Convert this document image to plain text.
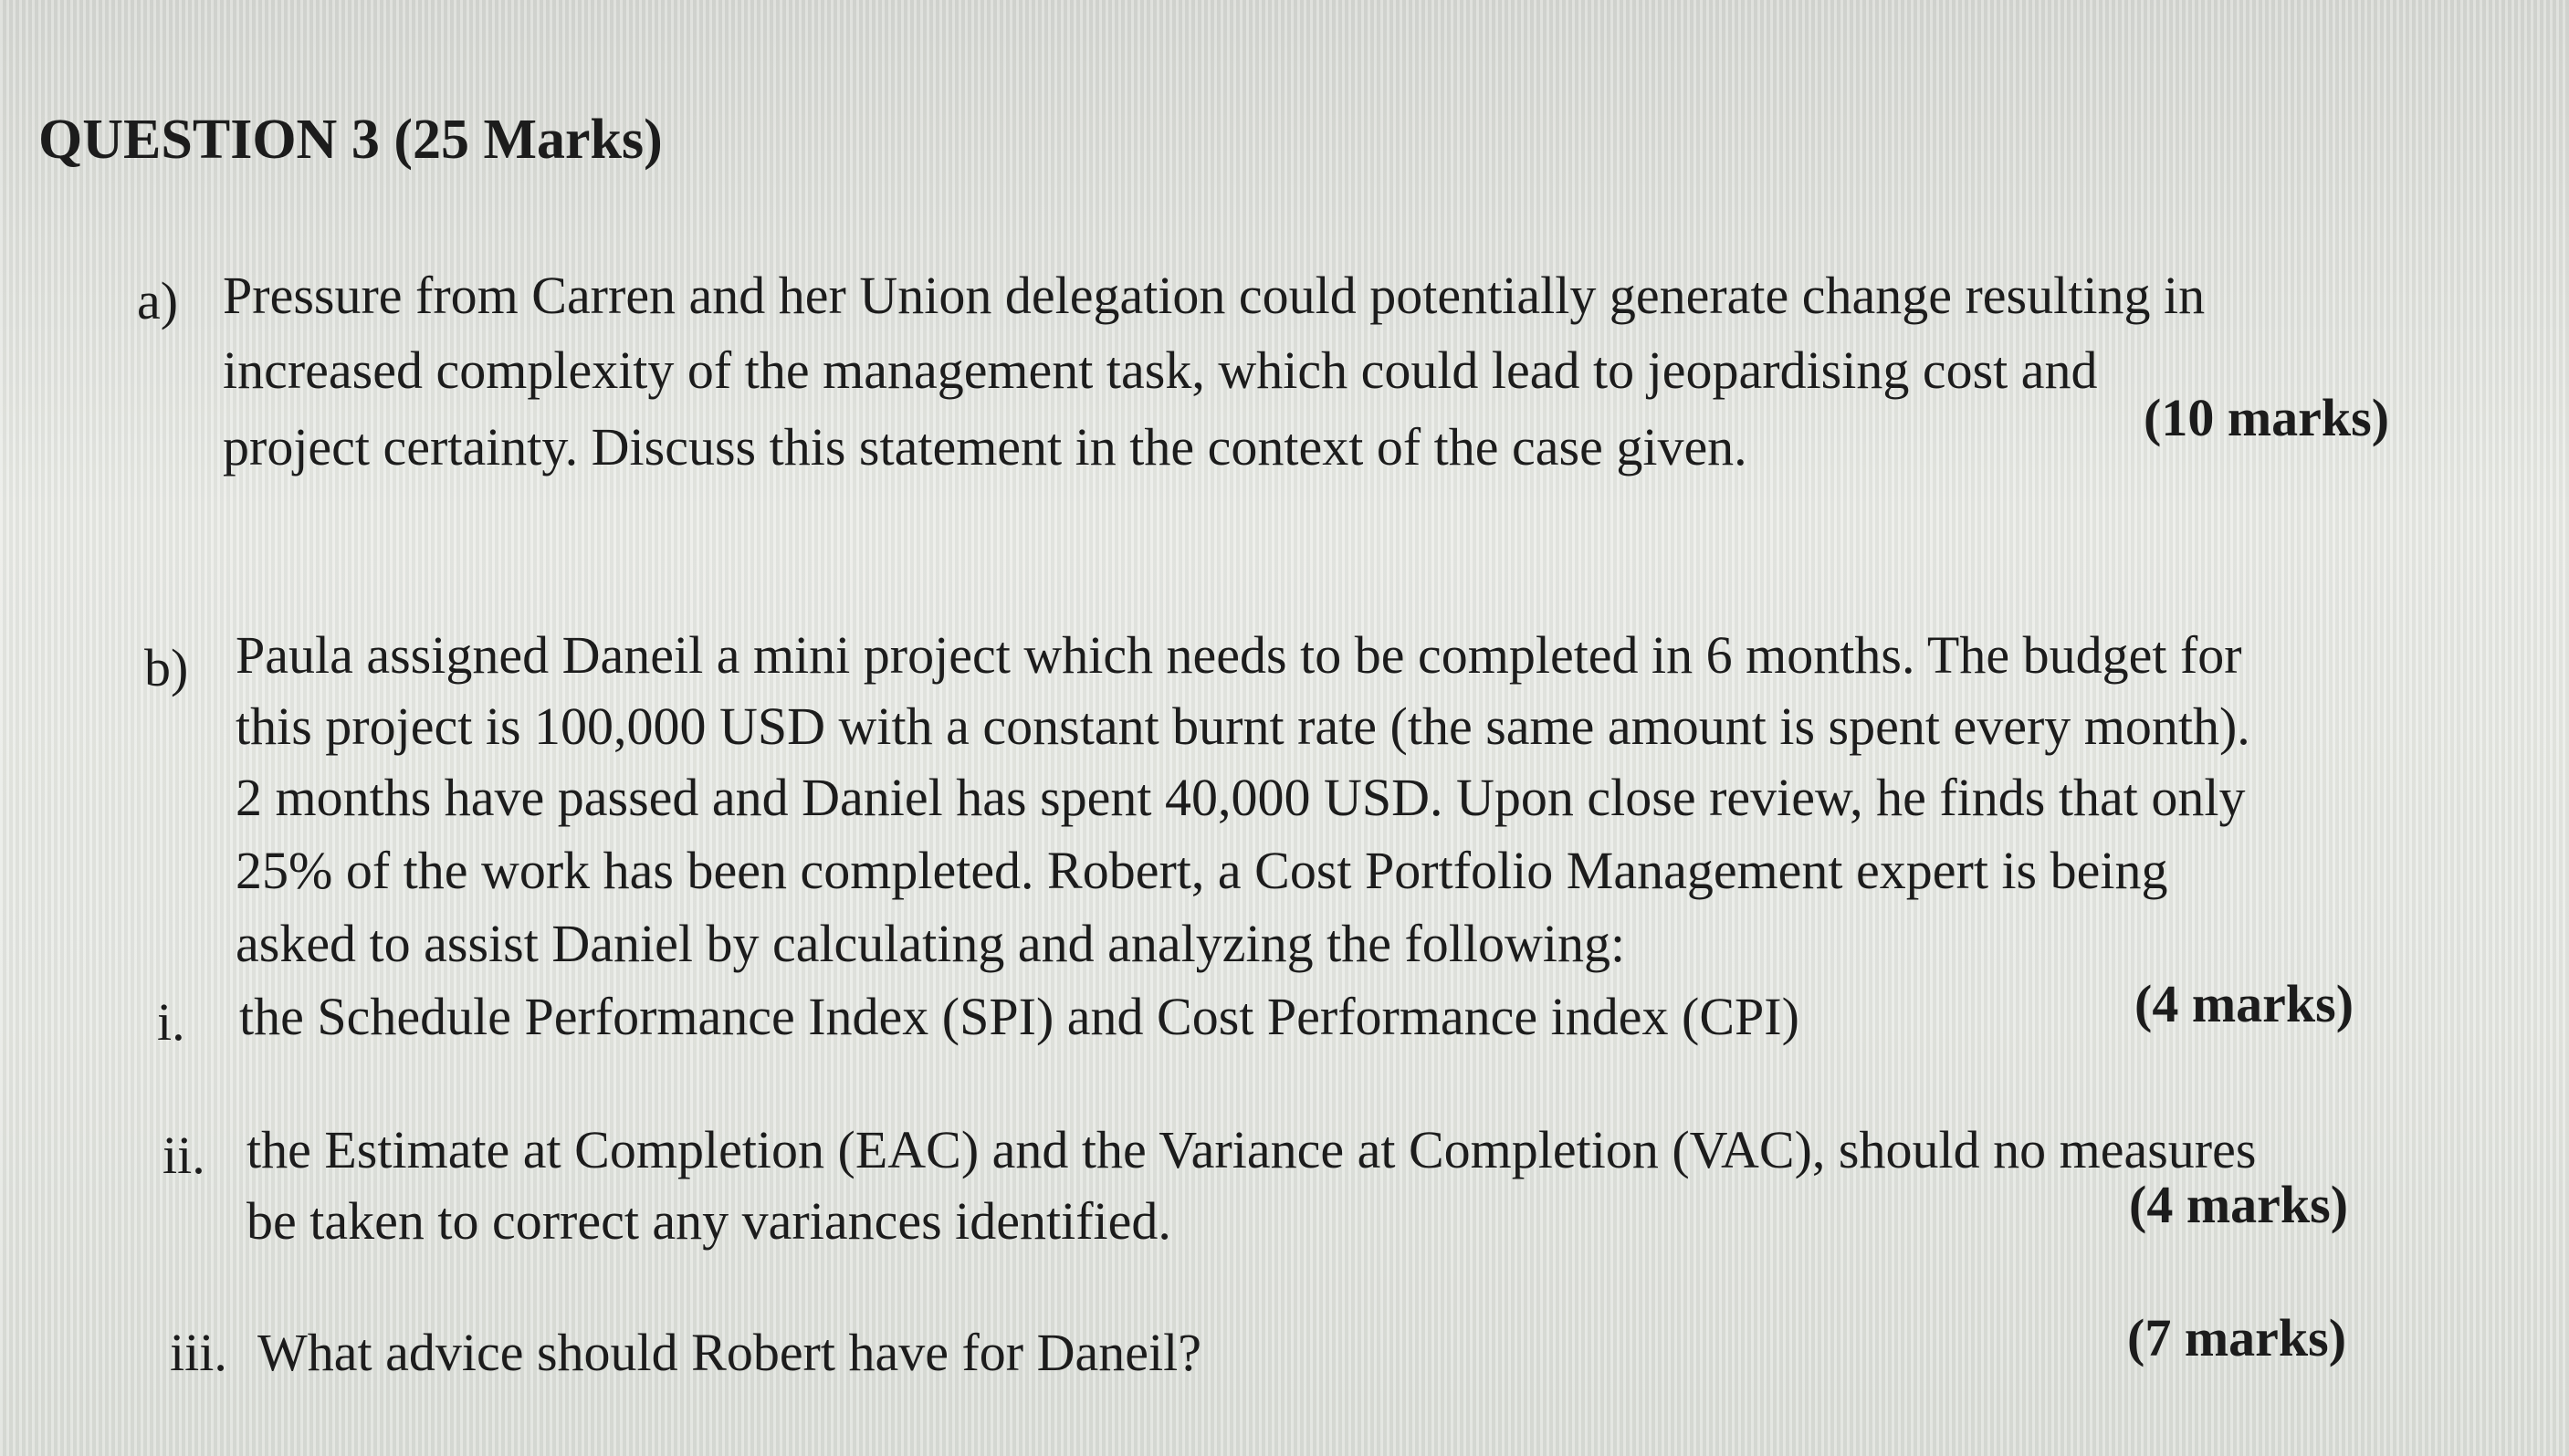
QUESTION 3 (25 Marks)
a) Pressure from Carren and her Union delegation could potentially generate change resulting in
increased complexity of the management task, which could lead to jeopardising cost and
project certainty. Discuss this statement in the context of the case given.	(10 marks)
b) Paula assigned Daneil a mini project which needs to be completed in 6 months. The budget for
this project is 100,000 USD with a constant burnt rate (the same amount is spent every month).
2 months have passed and Daniel has spent 40,000 USD. Upon close review, he finds that only
25% of the work has been completed. Robert, a Cost Portfolio Management expert is being
asked to assist Daniel by calculating and analyzing the following:
i. the Schedule Performance Index (SPI) and Cost Performance index (CPI)	(4 marks)
ii. the Estimate at Completion (EAC) and the Variance at Completion (VAC), should no measures
be taken to correct any variances identified.	(4 marks)
iii. What advice should Robert have for Daneil?	(7 marks)
